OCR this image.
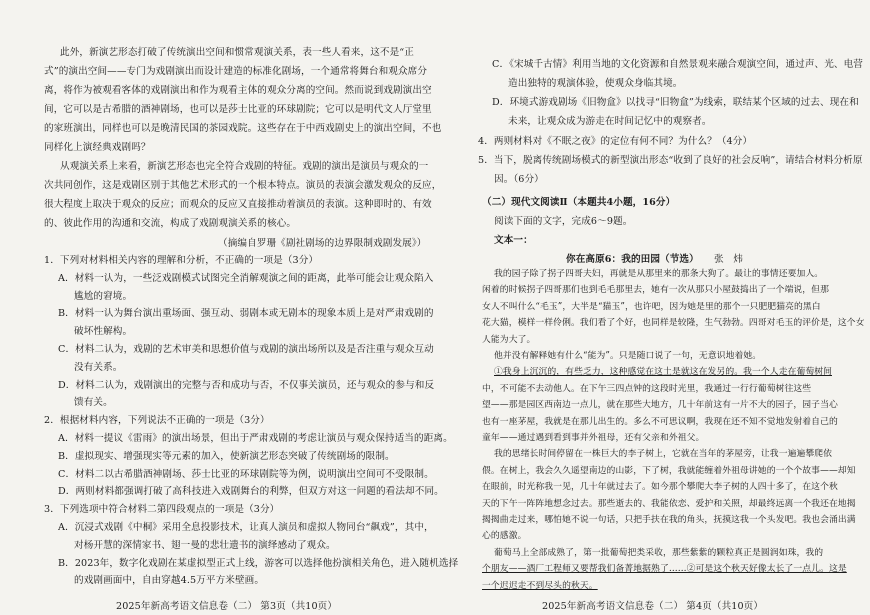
此外，新演艺形态打破了传统演出空间和惯常观演关系，表一些人看来，这不是“正
式”的演出空间——专门为戏剧演出而设计建造的标准化剧场，一个通常将舞台和观众席分
离，将作为被观看客体的戏剧演出和作为观看主体的观众分离的空间。然而说到戏剧演出空
间，它可以是古希腊的酒神剧场，也可以是莎士比亚的环球剧院；它可以是明代文人厅堂里
的家班演出，同样也可以是晚清民国的茶园戏院。这些存在于中西戏剧史上的演出空间，不也
同样化上演经典戏剧吗？
从观演关系上来看，新演艺形态也完全符合戏剧的特征。戏剧的演出是演员与观众的一
次共同创作，这是戏剧区别于其他艺术形式的一个根本特点。演员的表演会激发观众的反应，
很大程度上取决于观众的反应；而观众的反应又直接推动着演员的表演。这种即时的、有效
的、彼此作用的沟通和交流，构成了戏剧观演关系的核心。
（摘编自罗珊《剧社剧场的边界限制戏剧发展》）
1．下列对材料相关内容的理解和分析，不正确的一项是（3分）
A．材料一认为，一些泛戏剧模式试图完全消解观演之间的距离，此举可能会让观众陷入
尴尬的窘境。
B．材料一认为舞台演出重场面、强互动、弱剧本或无剧本的现象本质上是对严肃戏剧的
破坏性解构。
C．材料二认为，戏剧的艺术审美和思想价值与戏剧的演出场所以及是否注重与观众互动
没有关系。
D．材料二认为，戏剧演出的完整与否和成功与否，不仅事关演员，还与观众的参与和反
馈有关。
2．根据材料内容，下列说法不正确的一项是（3分）
A．材料一提议《雷雨》的演出场景，但出于严肃戏剧的考虑让演员与观众保持适当的距离。
B．虚拟现实、增强现实等元素的加入，使新演艺形态突破了传统剧场的限制。
C．材料二以古希腊酒神剧场、莎士比亚的环球剧院等为例，说明演出空间可不受限制。
D．两则材料都强调打破了高科技进入戏剧舞台的利弊，但双方对这一问题的看法却不同。
3．下列选项中符合材料二第四段观点的一项是（3分）
A．沉浸式戏剧《中桐》采用全息投影技术，让真人演员和虚拟人物同台“飙戏”，其中，
对杨开慧的深情家书、翅一曼的悲壮遗书的演绎感动了观众。
B．2023年，数字化戏剧在某虚拟型正式上线，游客可以选择他扮演相关角色，进入随机选择
的戏剧画面中，自由穿越4.5万平方米壁画。
2025年新高考语文信息卷（二） 第3页（共10页）
C．《宋城千古情》利用当地的文化资源和自然景观来融合观演空间，通过声、光、电营
造出独特的观演体验，使观众身临其境。
D．环境式游戏剧场《旧物盒》以找寻“旧物盒”为线索，联结某个区域的过去、现在和
未来，让观众成为游走在时间记忆中的观察者。
4．两则材料对《不眠之夜》的定位有何不同？为什么？（4分）
5．当下，脱离传统剧场模式的新型演出形态“收到了良好的社会反响”，请结合材料分析原
因。（6分）
（二）现代文阅读Ⅱ（本题共4小题，16分）
阅读下面的文字，完成6～9题。
文本一：
你在高原6：我的田园（节选） 张　炜
我的园子除了拐子四哥夫妇，再就是从那里来的那条大狗了。最让的事情还要加人。
闲着的时候拐子四哥那们也到毛毛那里去，她有一次从那只小屋鼓捣出了一个端说，但那
女人不叫什么“毛玉”，大半是“猫玉”，也许吧，因为她是里的那个一只肥肥猫亮的黑白
花大猫，模样一样伶俐。我们看了个好，也同样是较隆，生气勃勃。四哥对毛玉的评价是，这个女
人能为大了。
他并没有解释她有什么“能为”。只是随口说了一句，无意识地着她。
①我身上沉沉的，有些乏力，这种感觉在这土是就这在发另的。我一个人走在葡萄树间
中，不可能不去动他人。在下午三四点钟的这段时光里，我通过一行行葡萄树往这些
望——那是园区西南边一点儿，就在那些大地方，几十年前这有一片不大的园子，园子当心
也有一座茅屋，我就是在那儿出生的。多么不可思议啊，我现在还不知不觉地发射着自己的
童年——通过遇到看到事并外祖母，还有父亲和外祖父。
我的思绪长时间停留在一株巨大的李子树上，它就在当年的茅屋旁，让我一遍遍攀爬依
偎。在树上，我会久久遥望南边的山影，下了树，我就能缠着外祖母讲她的一个个故事——却知
在眼前，时光称我一见，几十年就过去了。如今那个攀爬大李子树的人四十多了，在这个秋
天的下午一阵阵地想念过去。那些逝去的、我能依恋、爱护和关照，却最终远离一个我还在地揭
揭揭曲走过来，哪怕她不说一句话，只把手扶在我的角头，抚摸这我一个头发吧。我也会涌出满
心的感激。
葡萄马上全部成熟了，第一批葡萄把类采收，那些紫紫的颗粒真正是圆润如珠，我的
个朋友——酒厂工程师又要帮我们备菁地据熟了……②可是这个秋天好像太长了一点儿。这是
一个迟迟走不到尽头的秋天。
2025年新高考语文信息卷（二） 第4页（共10页）
